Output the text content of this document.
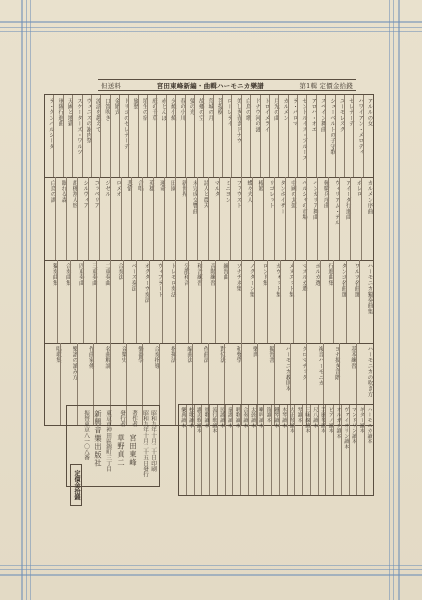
但送料	宮田東峰新編・曲輯ハーモニカ樂譜	第1輯 定價金拾錢
アルルの女
ハワイアン・メロディ
セレナーデ
ユーモレスク
シューベルトの子守歌
スペイン舞曲
アロハ・オエ
セントルイス・ブルース
ラ・パロマ
カルメン
月光の曲
トロイメライ
ドナウ河の漣
白鳥の歌
美しき青きドナウ
ローレライ
菩提樹
荒城の月
故郷の空
螢の光
春の小川
夕焼小焼
赤とんぼ
庭の千草
埴生の宿
旅愁
ドリゴのセレナーデ
金婚式
口笛吹き
波濤を越えて
ヴェニスの謝肉祭
スケーターズ・ワルツ
天國と地獄
軍隊行進曲
ラ・クンパルシータ
カルメン序曲
ボレロ
アイーダ行進曲
ウィリアム・テル
軽騎兵序曲
ハンガリア舞曲
ペルシャの市場
中國の太鼓
タンホイザー
リゴレット
椿姫
蝶々夫人
ファウスト
ミニヨン
マルタ
詩人と農夫
未完成交響曲
新世界
田園
運命
英雄
合唱
悲愴
ロメオ
ジゼル
コッペリア
シルヴィア
胡桃割人形
眠れる森
白鳥の湖
ハーモニカ獨奏曲集
ワルツ名曲選
タンゴ名曲選
行進曲集
ポルカ選
マズルカ選
メヌエット集
ガヴォット集
ロンド集
ノクターン集
ソナチネ集
練習曲
音階練習
和音練習
分散和音
トレモロ奏法
ヴィブラート
オクターヴ奏法
ベース奏法
合奏法
二重奏曲
三重奏曲
四重奏曲
合奏曲集
獨奏曲集
ハーモニカの吹き方
基本練習
ヨナ抜き音階
複音ハーモニカ
クロマチック
ハーモニカ教則本
獨習書
樂典
和聲學
對位法
作曲法
編曲法
指揮法
合奏指導
樂器學
音樂史
名曲解説
作曲家傳
樂譜の讀み方
唱歌集
昭和九年十月二十日印刷
昭和九年十月二十五日發行
著作者
宮田東峰
發行者
草野貞二
東京市神田區錦町三丁目
新興音樂出版社
振替東京八一〇八番
定價金拾錢
ハーモニカ讀本
ギター讀本
マンドリン讀本
ヴァイオリン讀本
オルガン讀本
ピアノ讀本
手風琴讀本
尺八讀本
三味線讀本
琴讀本
大正琴讀本
木琴讀本
鐵琴讀本
笛讀本
喇叭讀本
太鼓讀本
合奏讀本
唱歌讀本
童謠讀本
民謠讀本
流行歌讀本
軍歌讀本
讃美歌讀本
校歌讀本
樂典讀本
